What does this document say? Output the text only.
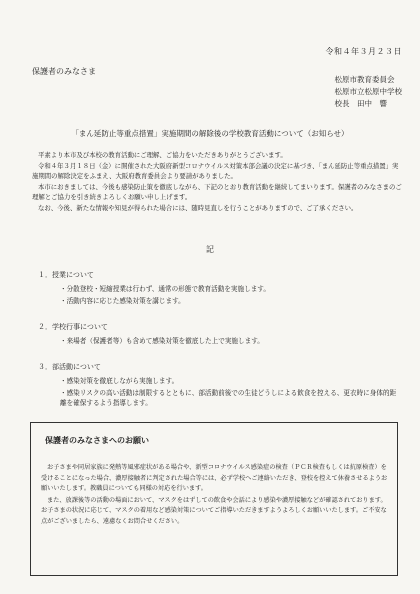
令和４年３月２３日
保護者のみなさま
松原市教育委員会
松原市立松原中学校
校長　田中　響
「まん延防止等重点措置」実施期間の解除後の学校教育活動について（お知らせ）

平素より本市及び本校の教育活動にご理解、ご協力をいただきありがとうございます。

令和４年３月１８日（金）に開催された大阪府新型コロナウイルス対策本部会議の決定に基づき、「まん延防止等重点措置」実施期間の解除決定をふまえ、大阪府教育委員会より要請がありました。

本市におきましては、今後も感染防止策を徹底しながら、下記のとおり教育活動を継続してまいります。保護者のみなさまのご理解とご協力を引き続きよろしくお願い申し上げます。

なお、今後、新たな情報や知見が得られた場合には、随時見直しを行うことがありますので、ご了承ください。

記
１．授業について
・分散登校・短縮授業は行わず、通常の形態で教育活動を実施します。
・活動内容に応じた感染対策を講じます。
２．学校行事について
・来場者（保護者等）も含めて感染対策を徹底した上で実施します。
３．部活動について
・感染対策を徹底しながら実施します。
・感染リスクの高い活動は制限するとともに、部活動前後での生徒どうしによる飲食を控える、更衣時に身体的距離を確保するよう指導します。
保護者のみなさまへのお願い

お子さまや同居家族に発熱等風邪症状がある場合や、新型コロナウイルス感染症の検査（ＰＣＲ検査もしくは抗原検査）を受けることになった場合、濃厚接触者に判定された場合等には、必ず学校へご連絡いただき、登校を控えて休養させるようお願いいたします。教職員についても同様の対応を行います。

また、放課後等の活動の場面において、マスクをはずしての飲食や会話により感染や濃厚接触などが確認されております。お子さまの状況に応じて、マスクの着用など感染対策についてご指導いただきますようよろしくお願いいたします。ご不安な点がございましたら、遠慮なくお問合せください。
